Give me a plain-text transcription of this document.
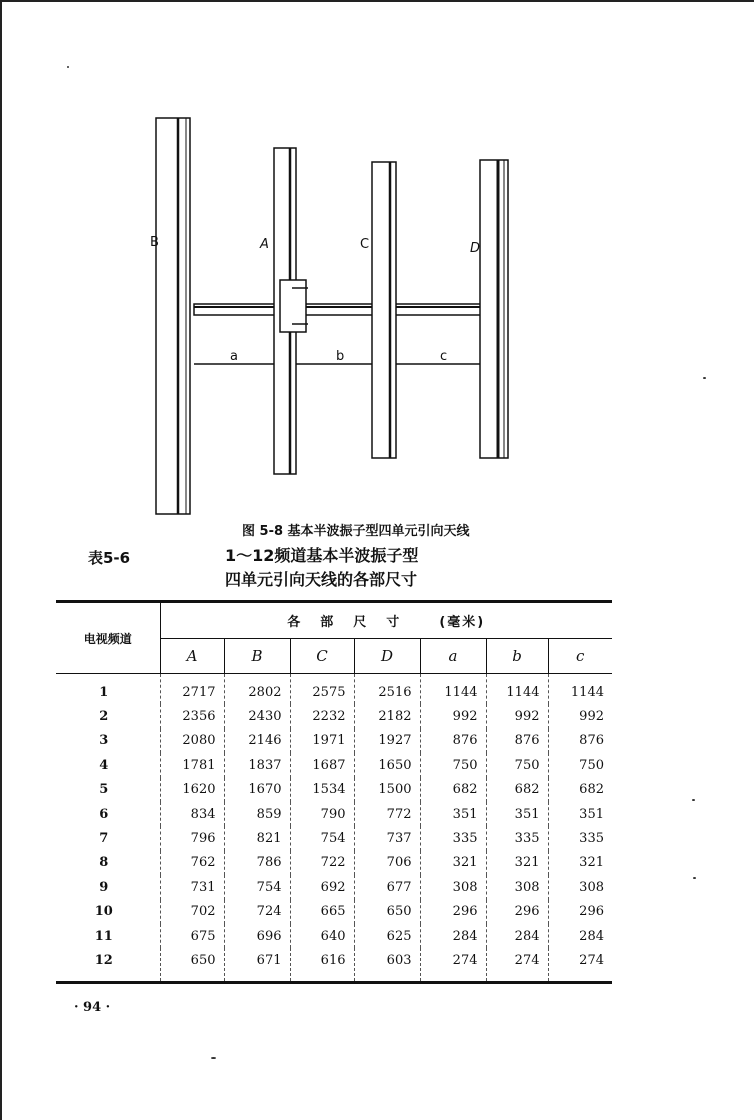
B	A	C	D
a	b	c
图 5-8 基本半波振子型四单元引向天线
表5-6	1～12频道基本半波振子型
四单元引向天线的各部尺寸
电视频道	各部尺寸 (毫米)						
	A	B	C	D	a	b	c
1	2717	2802	2575	2516	1144	1144	1144
2	2356	2430	2232	2182	992	992	992
3	2080	2146	1971	1927	876	876	876
4	1781	1837	1687	1650	750	750	750
5	1620	1670	1534	1500	682	682	682
6	834	859	790	772	351	351	351
7	796	821	754	737	335	335	335
8	762	786	722	706	321	321	321
9	731	754	692	677	308	308	308
10	702	724	665	650	296	296	296
11	675	696	640	625	284	284	284
12	650	671	616	603	274	274	274
· 94 ·
